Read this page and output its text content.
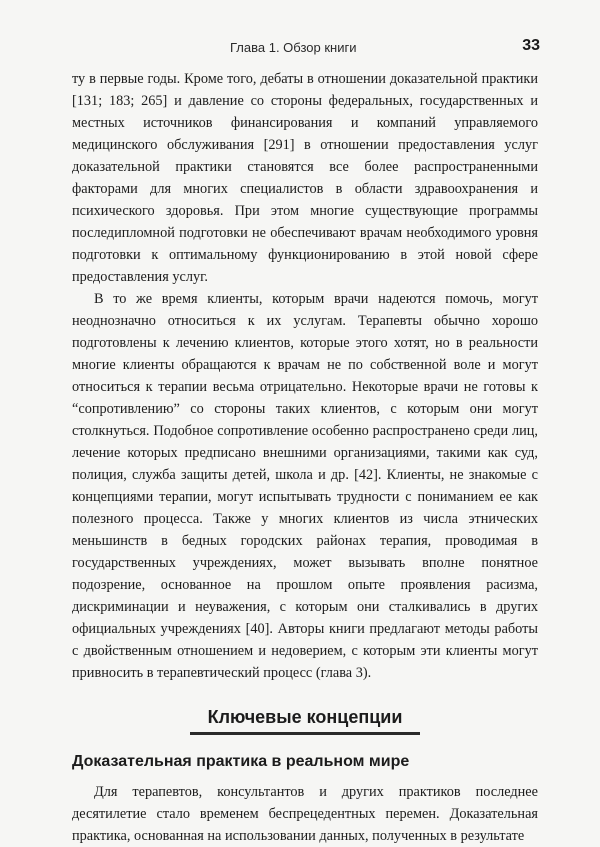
Глава 1. Обзор книги	33

ту в первые годы. Кроме того, дебаты в отношении доказательной практики [131; 183; 265] и давление со стороны федеральных, государственных и местных источников финансирования и компаний управляемого медицинского обслуживания [291] в отношении предоставления услуг доказательной практики становятся все более распространенными факторами для многих специалистов в области здравоохранения и психического здоровья. При этом многие существующие программы последипломной подготовки не обеспечивают врачам необходимого уровня подготовки к оптимальному функционированию в этой новой сфере предоставления услуг.

В то же время клиенты, которым врачи надеются помочь, могут неоднозначно относиться к их услугам. Терапевты обычно хорошо подготовлены к лечению клиентов, которые этого хотят, но в реальности многие клиенты обращаются к врачам не по собственной воле и могут относиться к терапии весьма отрицательно. Некоторые врачи не готовы к “сопротивлению” со стороны таких клиентов, с которым они могут столкнуться. Подобное сопротивление особенно распространено среди лиц, лечение которых предписано внешними организациями, такими как суд, полиция, служба защиты детей, школа и др. [42]. Клиенты, не знакомые с концепциями терапии, могут испытывать трудности с пониманием ее как полезного процесса. Также у многих клиентов из числа этнических меньшинств в бедных городских районах терапия, проводимая в государственных учреждениях, может вызывать вполне понятное подозрение, основанное на прошлом опыте проявления расизма, дискриминации и неуважения, с которым они сталкивались в других официальных учреждениях [40]. Авторы книги предлагают методы работы с двойственным отношением и недоверием, с которым эти клиенты могут привносить в терапевтический процесс (глава 3).

Ключевые концепции
Доказательная практика в реальном мире

Для терапевтов, консультантов и других практиков последнее десятилетие стало временем беспрецедентных перемен. Доказательная практика, основанная на использовании данных, полученных в результате
